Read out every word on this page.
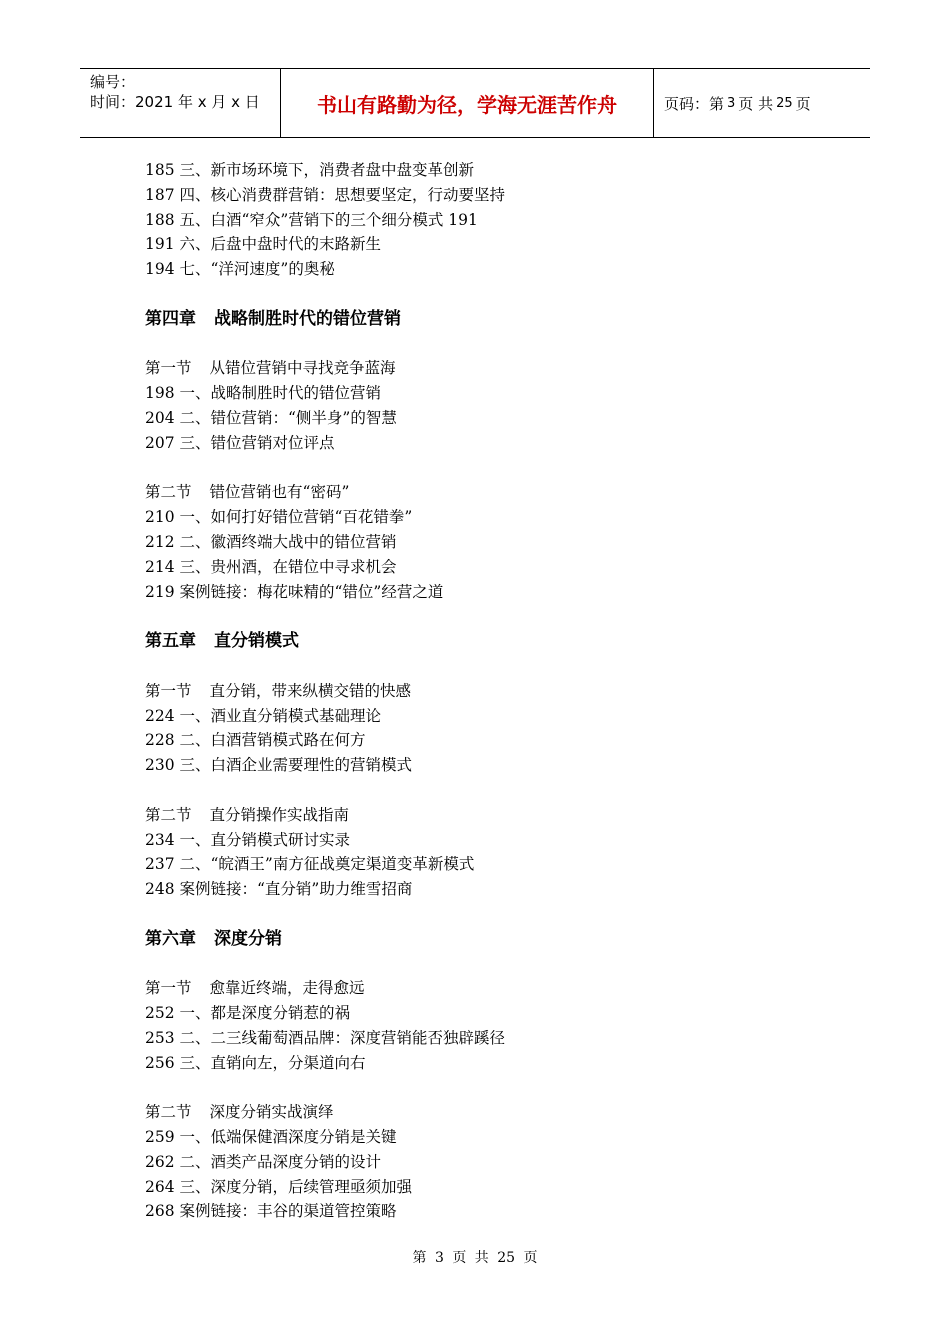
编号：
时间：2021 年 x 月 x 日	书山有路勤为径，学海无涯苦作舟	页码：第 3 页 共 25 页
185 三、新市场环境下，消费者盘中盘变革创新
187 四、核心消费群营销：思想要坚定，行动要坚持
188 五、白酒“窄众”营销下的三个细分模式 191
191 六、后盘中盘时代的末路新生
194 七、“洋河速度”的奥秘
第四章 战略制胜时代的错位营销
第一节 从错位营销中寻找竞争蓝海
198 一、战略制胜时代的错位营销
204 二、错位营销：“侧半身”的智慧
207 三、错位营销对位评点
第二节 错位营销也有“密码”
210 一、如何打好错位营销“百花错拳”
212 二、徽酒终端大战中的错位营销
214 三、贵州酒，在错位中寻求机会
219 案例链接：梅花味精的“错位”经营之道
第五章 直分销模式
第一节 直分销，带来纵横交错的快感
224 一、酒业直分销模式基础理论
228 二、白酒营销模式路在何方
230 三、白酒企业需要理性的营销模式
第二节 直分销操作实战指南
234 一、直分销模式研讨实录
237 二、“皖酒王”南方征战奠定渠道变革新模式
248 案例链接：“直分销”助力维雪招商
第六章 深度分销
第一节 愈靠近终端，走得愈远
252 一、都是深度分销惹的祸
253 二、二三线葡萄酒品牌：深度营销能否独辟蹊径
256 三、直销向左，分渠道向右
第二节 深度分销实战演绎
259 一、低端保健酒深度分销是关键
262 二、酒类产品深度分销的设计
264 三、深度分销，后续管理亟须加强
268 案例链接：丰谷的渠道管控策略
第 3 页 共 25 页
